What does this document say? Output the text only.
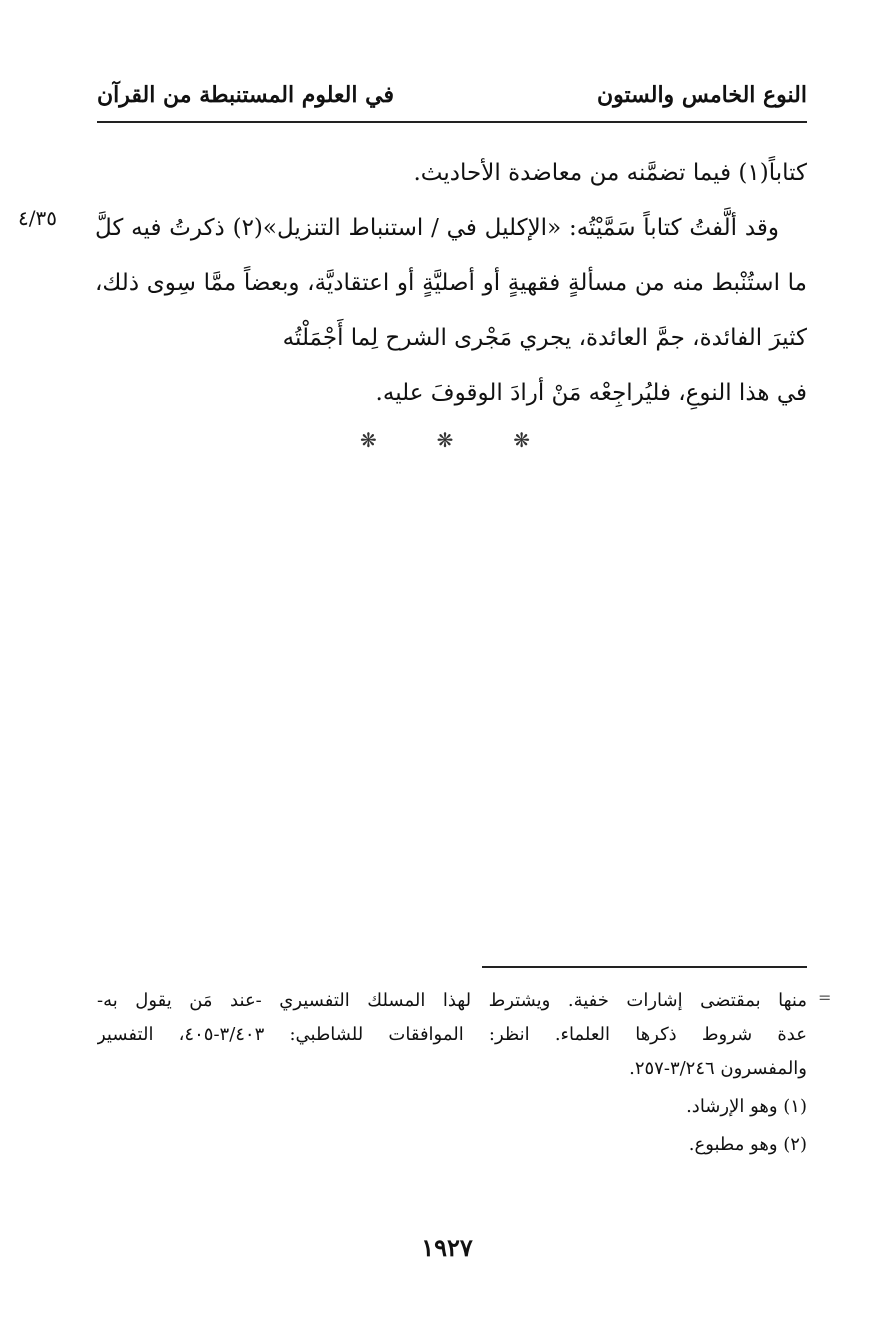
النوع الخامس والستون
في العلوم المستنبطة من القرآن

كتاباً(١) فيما تضمَّنه من معاضدة الأحاديث.

وقد ألَّفتُ كتاباً سَمَّيْتُه: «الإكليل في / استنباط التنزيل»(٢) ذكرتُ فيه كلَّ ما استُنْبط منه من مسألةٍ فقهيةٍ أو أصليَّةٍ أو اعتقاديَّة، وبعضاً ممَّا سِوى ذلك، كثيرَ الفائدة، جمَّ العائدة، يجري مَجْرى الشرح لِما أَجْمَلْتُه

في هذا النوعِ، فليُراجِعْه مَنْ أرادَ الوقوفَ عليه.

٤/٣٥
❋	❋	❋
=
منها بمقتضى إشارات خفية. ويشترط لهذا المسلك التفسيري -عند مَن يقول به-
عدة شروط ذكرها العلماء. انظر: الموافقات للشاطبي: ٣/٤٠٣-٤٠٥، التفسير
والمفسرون ٣/٢٤٦-٢٥٧.
(١) وهو الإرشاد.
(٢) وهو مطبوع.
١٩٢٧
